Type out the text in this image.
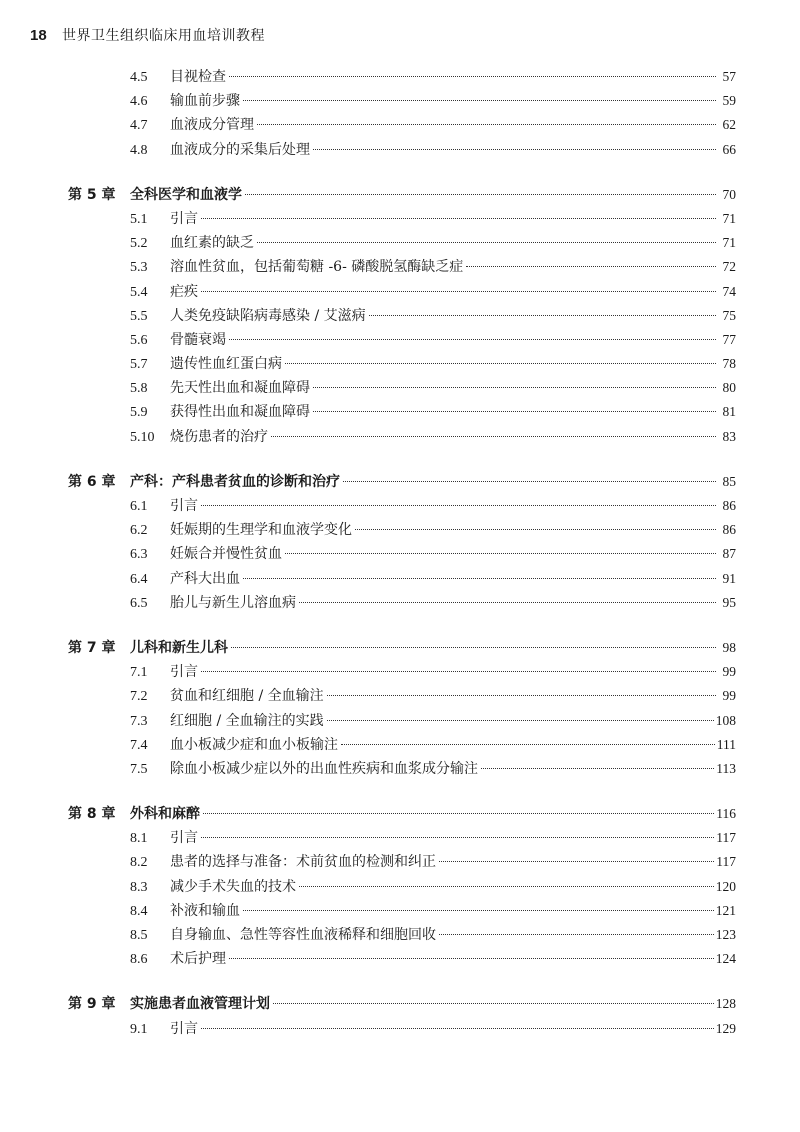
18	世界卫生组织临床用血培训教程
4.5	目视检查	57
4.6	输血前步骤	59
4.7	血液成分管理	62
4.8	血液成分的采集后处理	66
第 5 章	全科医学和血液学	70
5.1	引言	71
5.2	血红素的缺乏	71
5.3	溶血性贫血，包括葡萄糖 -6- 磷酸脱氢酶缺乏症	72
5.4	疟疾	74
5.5	人类免疫缺陷病毒感染 / 艾滋病	75
5.6	骨髓衰竭	77
5.7	遗传性血红蛋白病	78
5.8	先天性出血和凝血障碍	80
5.9	获得性出血和凝血障碍	81
5.10	烧伤患者的治疗	83
第 6 章	产科：产科患者贫血的诊断和治疗	85
6.1	引言	86
6.2	妊娠期的生理学和血液学变化	86
6.3	妊娠合并慢性贫血	87
6.4	产科大出血	91
6.5	胎儿与新生儿溶血病	95
第 7 章	儿科和新生儿科	98
7.1	引言	99
7.2	贫血和红细胞 / 全血输注	99
7.3	红细胞 / 全血输注的实践	108
7.4	血小板减少症和血小板输注	111
7.5	除血小板减少症以外的出血性疾病和血浆成分输注	113
第 8 章	外科和麻醉	116
8.1	引言	117
8.2	患者的选择与准备：术前贫血的检测和纠正	117
8.3	减少手术失血的技术	120
8.4	补液和输血	121
8.5	自身输血、急性等容性血液稀释和细胞回收	123
8.6	术后护理	124
第 9 章	实施患者血液管理计划	128
9.1	引言	129
